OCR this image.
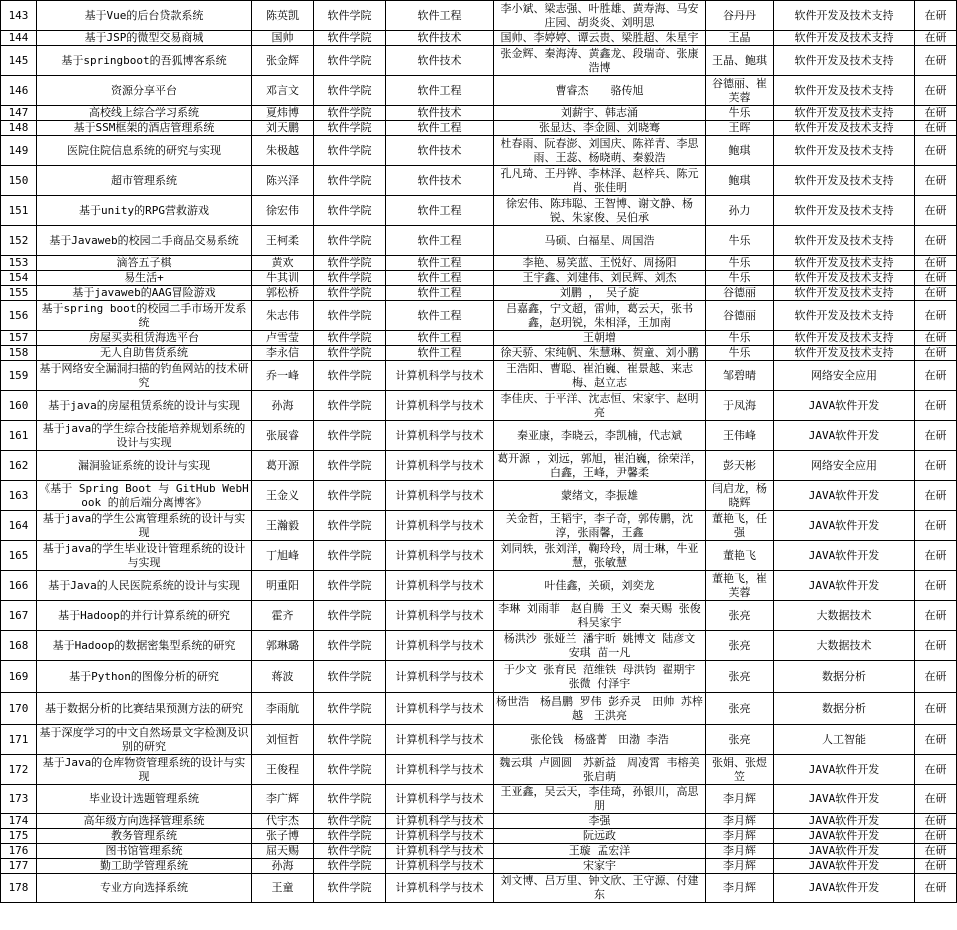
143	基于Vue的后台贷款系统	陈英凯	软件学院	软件工程	李小斌、梁志强、叶胜雄、黄寿海、马安庄园、胡炎炎、刘明思	谷丹丹	软件开发及技术支持	在研
144	基于JSP的微型交易商城	国帅	软件学院	软件技术	国帅、李婷婷、谭云贵、梁胜超、朱星宇	王晶	软件开发及技术支持	在研
145	基于springboot的吾狐博客系统	张金辉	软件学院	软件技术	张金辉、秦海涛、黄鑫龙、段瑞奇、张康浩博	王晶、鲍琪	软件开发及技术支持	在研
146	资源分享平台	邓言文	软件学院	软件工程	曹睿杰　　骆传旭	谷德丽、崔芙蓉	软件开发及技术支持	在研
147	高校线上综合学习系统	夏炜博	软件学院	软件技术	刘薪宇、韩志涌	牛乐	软件开发及技术支持	在研
148	基于SSM框架的酒店管理系统	刘天鹏	软件学院	软件工程	张显达、李金圆、刘晓骞	王晖	软件开发及技术支持	在研
149	医院住院信息系统的研究与实现	朱极越	软件学院	软件技术	杜春雨、阮春澎、刘国庆、陈祥青、李思雨、王蕊、杨晓萌、秦毅浩	鲍琪	软件开发及技术支持	在研
150	超市管理系统	陈兴泽	软件学院	软件技术	孔凡琦、王丹铧、李林泽、赵梓兵、陈元肖、张佳明	鲍琪	软件开发及技术支持	在研
151	基于unity的RPG营救游戏	徐宏伟	软件学院	软件工程	徐宏伟、陈玮聪、王智博、谢文静、杨锐、朱家俊、吴伯承	孙力	软件开发及技术支持	在研
152	基于Javaweb的校园二手商品交易系统	王柯柔	软件学院	软件工程	马硕、白福星、周国浩	牛乐	软件开发及技术支持	在研
153	滴答五子棋	黄欢	软件学院	软件工程	李艳、易笑蓝、王悦好、周扬阳	牛乐	软件开发及技术支持	在研
154	易生活+	牛其训	软件学院	软件工程	王宇鑫、刘建伟、刘民辉、刘杰	牛乐	软件开发及技术支持	在研
155	基于javaweb的AAG冒险游戏	郭松桥	软件学院	软件工程	刘鹏 ， 吴子旋	谷德丽	软件开发及技术支持	在研
156	基于spring boot的校园二手市场开发系统	朱志伟	软件学院	软件工程	吕嘉鑫，宁文超，雷帅，葛云天，张书鑫，赵玥锐，朱相泽，王加南	谷德丽	软件开发及技术支持	在研
157	房屋买卖租赁海选平台	卢雪莹	软件学院	软件工程	王朝增	牛乐	软件开发及技术支持	在研
158	无人自助售货系统	李永信	软件学院	软件工程	徐天骄、宋纯帆、朱慧琳、贺童、刘小鹏	牛乐	软件开发及技术支持	在研
159	基于网络安全漏洞扫描的钓鱼网站的技术研究	乔一峰	软件学院	计算机科学与技术	王浩阳、曹聪、崔泊巍、崔景越、来志梅、赵立志	邹碧晴	网络安全应用	在研
160	基于java的房屋租赁系统的设计与实现	孙海	软件学院	计算机科学与技术	李佳庆、于平洋、沈志恒、宋家宇、赵明亮	于凤海	JAVA软件开发	在研
161	基于java的学生综合技能培养规划系统的设计与实现	张展睿	软件学院	计算机科学与技术	秦亚康，李晓云，李凯楠，代志斌	王伟峰	JAVA软件开发	在研
162	漏洞验证系统的设计与实现	葛开源	软件学院	计算机科学与技术	葛开源 ，刘远，郭旭，崔泊巍，徐荣洋，白鑫，王峰，尹馨柔	彭天彬	网络安全应用	在研
163	《基于 Spring Boot 与 GitHub WebHook 的前后端分离博客》	王金义	软件学院	计算机科学与技术	蒙绪文，李振雄	闫启龙，杨晓辉	JAVA软件开发	在研
164	基于java的学生公寓管理系统的设计与实现	王瀚毅	软件学院	计算机科学与技术	关金哲，王韬宇，李子奇，郭传鹏，沈淳，张雨馨，王鑫	董艳飞，任强	JAVA软件开发	在研
165	基于java的学生毕业设计管理系统的设计与实现	丁旭峰	软件学院	计算机科学与技术	刘同轶，张刘洋，鞠玲玲，周士琳，牛亚慧，张敏慧	董艳飞	JAVA软件开发	在研
166	基于Java的人民医院系统的设计与实现	明重阳	软件学院	计算机科学与技术	叶佳鑫，关硕，刘奕龙	董艳飞，崔芙蓉	JAVA软件开发	在研
167	基于Hadoop的并行计算系统的研究	霍齐	软件学院	计算机科学与技术	李琳 刘雨菲　赵自腾 王义 秦天赐 张俊科吴家宇	张亮	大数据技术	在研
168	基于Hadoop的数据密集型系统的研究	郭琳璐	软件学院	计算机科学与技术	杨洪沙 张娅兰 潘宇昕 姚博文 陆彦文 安琪 苗一凡	张亮	大数据技术	在研
169	基于Python的图像分析的研究	蒋波	软件学院	计算机科学与技术	于少文 张育民 范维铁 母洪钧 翟期宇 张微 付泽宇	张亮	数据分析	在研
170	基于数据分析的比赛结果预测方法的研究	李雨航	软件学院	计算机科学与技术	杨世浩　杨昌鹏 罗伟 彭乔灵　田帅 苏梓越　王洪亮	张亮	数据分析	在研
171	基于深度学习的中文自然场景文字检测及识别的研究	刘恒哲	软件学院	计算机科学与技术	张伦钱　杨盛菁　田渤 李浩	张亮	人工智能	在研
172	基于Java的仓库物资管理系统的设计与实现	王俊程	软件学院	计算机科学与技术	魏云琪 卢圆圆　苏新益　周凌霄 韦榕美　张启萌	张娟、张煜笠	JAVA软件开发	在研
173	毕业设计选题管理系统	李广辉	软件学院	计算机科学与技术	王亚鑫，吴云天，李佳琦，孙银川，高思朋	李月辉	JAVA软件开发	在研
174	高年级方向选择管理系统	代宇杰	软件学院	计算机科学与技术	李强	李月辉	JAVA软件开发	在研
175	教务管理系统	张子博	软件学院	计算机科学与技术	阮远政	李月辉	JAVA软件开发	在研
176	图书馆管理系统	屈天赐	软件学院	计算机科学与技术	王璇 孟宏洋	李月辉	JAVA软件开发	在研
177	勤工助学管理系统	孙海	软件学院	计算机科学与技术	宋家宇	李月辉	JAVA软件开发	在研
178	专业方向选择系统	王童	软件学院	计算机科学与技术	刘文博、吕万里、钟文欣、王守源、付建东	李月辉	JAVA软件开发	在研
